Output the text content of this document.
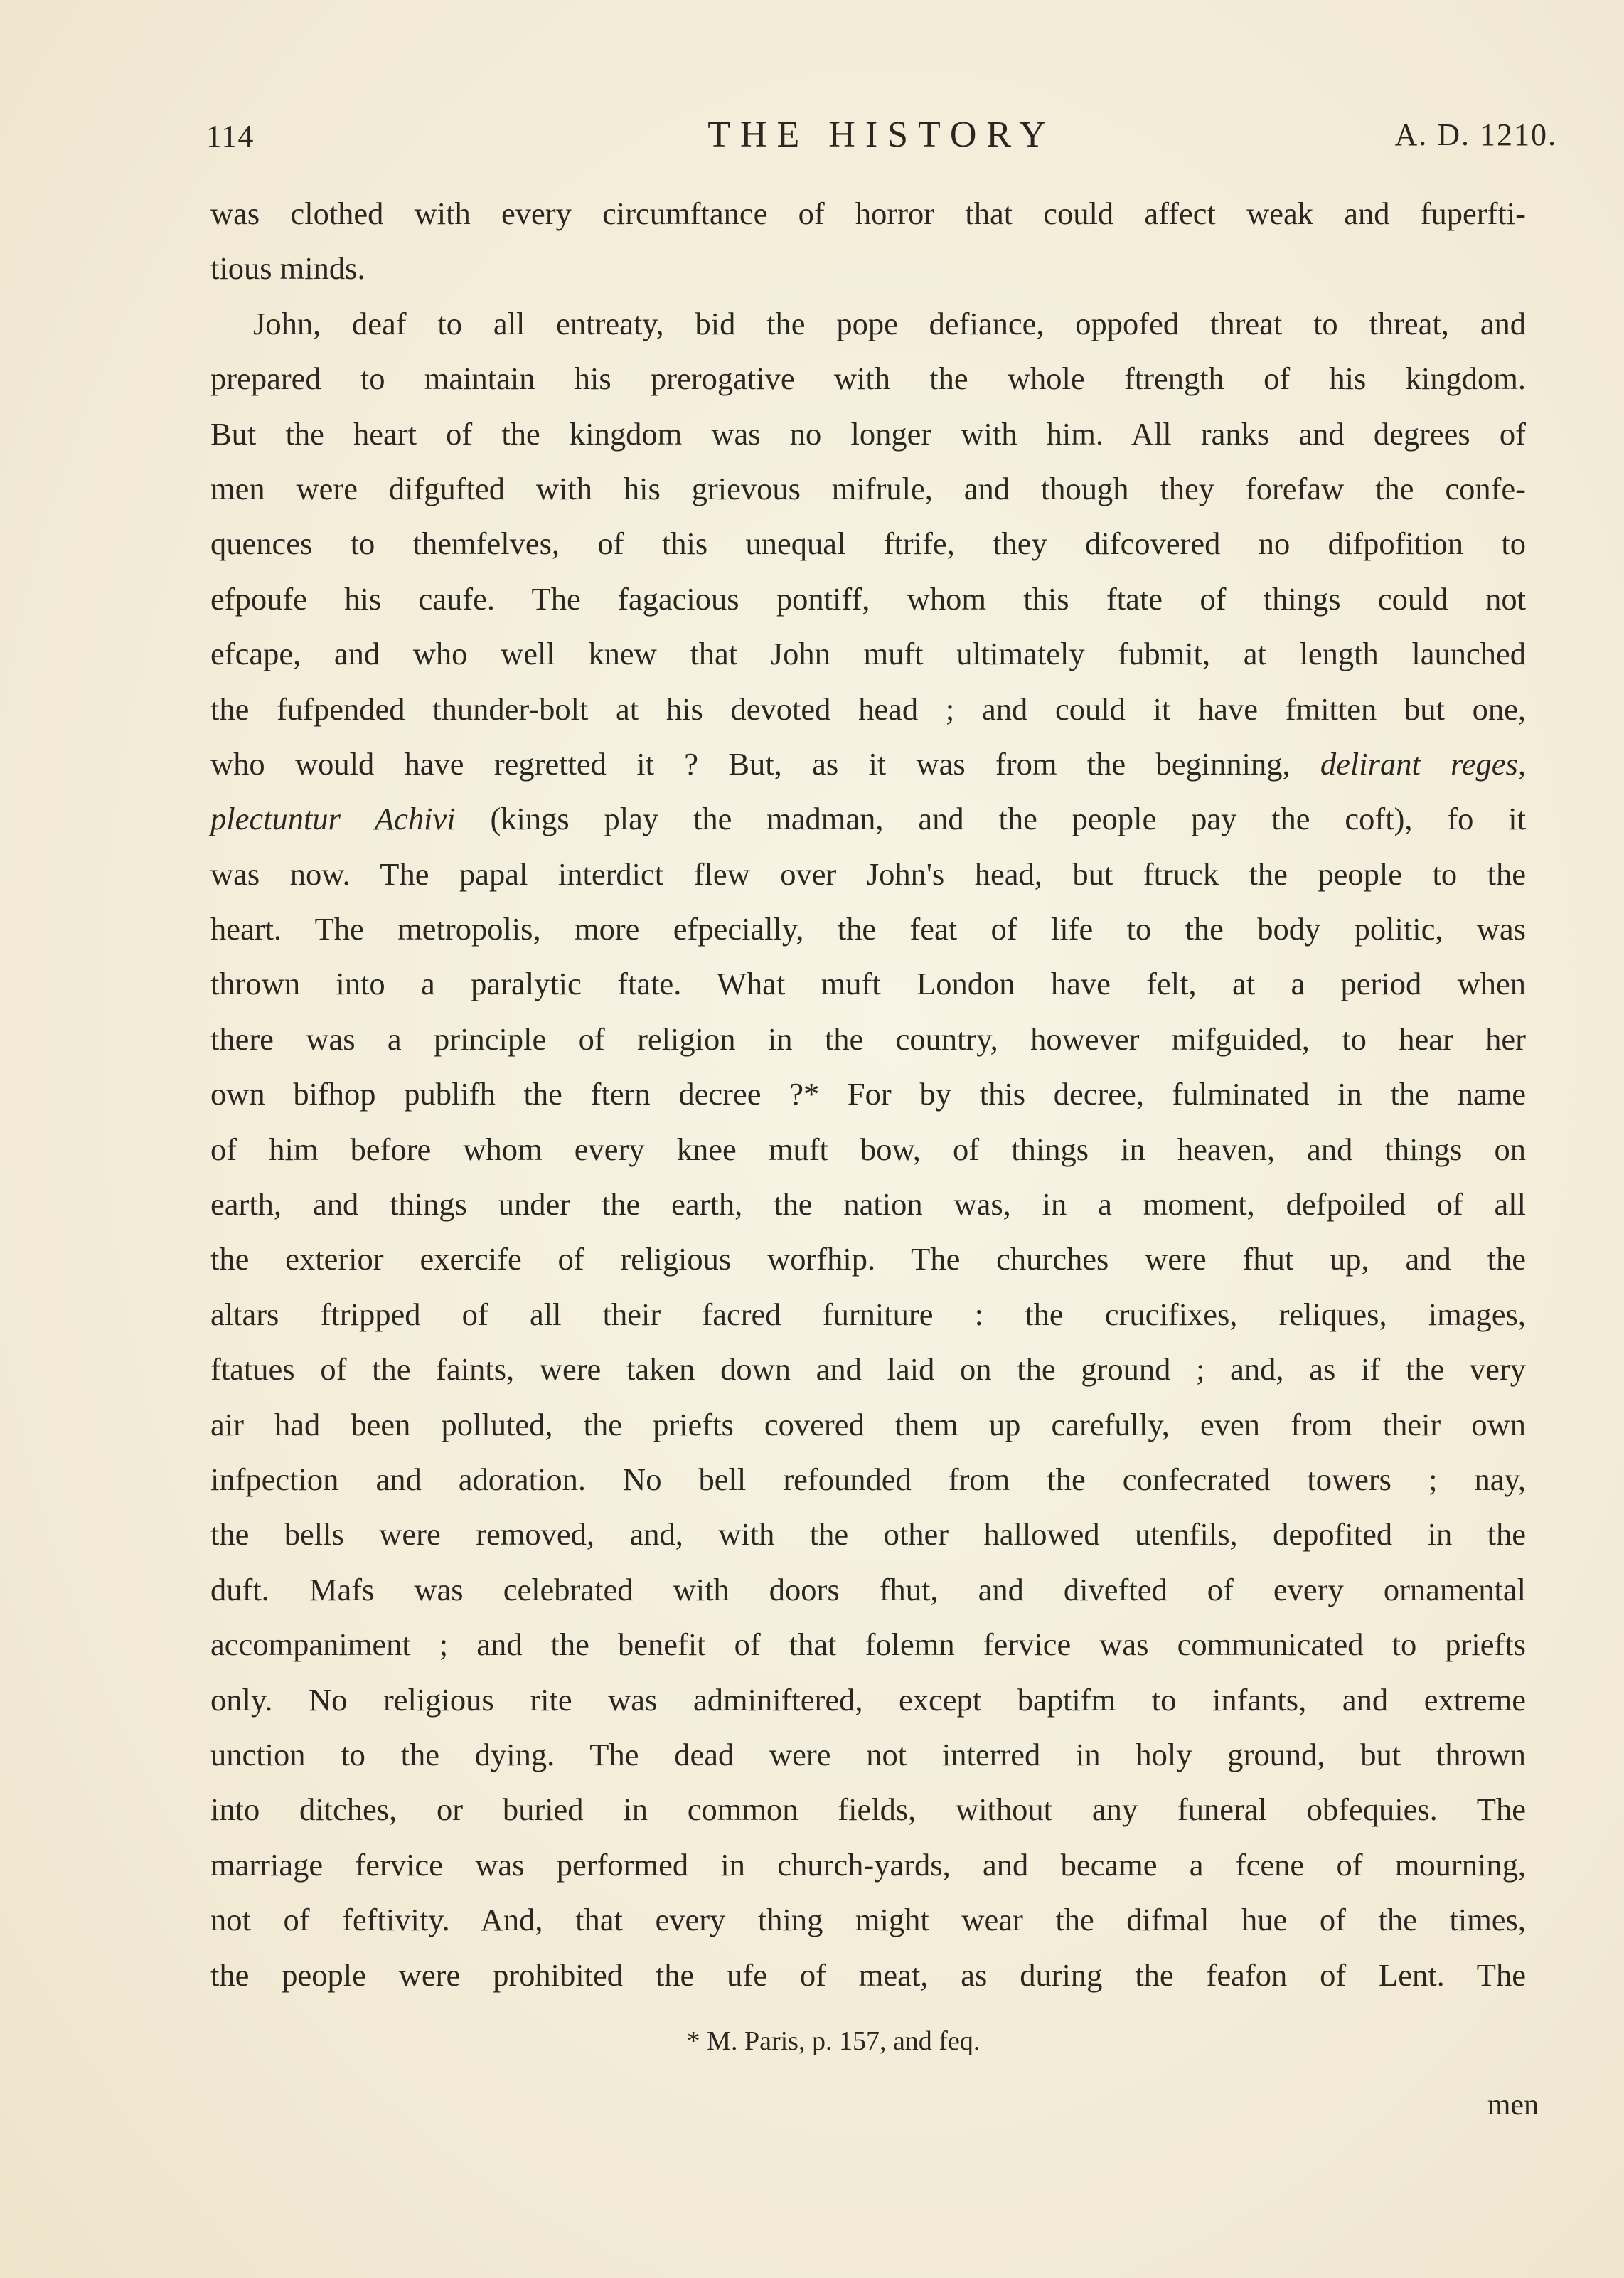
114	THE HISTORY	A. D. 1210.
was clothed with every circumftance of horror that could affect weak and fuperfti-
tious minds.
John, deaf to all entreaty, bid the pope defiance, oppofed threat to threat, and
prepared to maintain his prerogative with the whole ftrength of his kingdom.
But the heart of the kingdom was no longer with him. All ranks and degrees of
men were difgufted with his grievous mifrule, and though they forefaw the confe-
quences to themfelves, of this unequal ftrife, they difcovered no difpofition to
efpoufe his caufe. The fagacious pontiff, whom this ftate of things could not
efcape, and who well knew that John muft ultimately fubmit, at length launched
the fufpended thunder-bolt at his devoted head ; and could it have fmitten but one,
who would have regretted it ? But, as it was from the beginning, delirant reges,
plectuntur Achivi (kings play the madman, and the people pay the coft), fo it
was now. The papal interdict flew over John's head, but ftruck the people to the
heart. The metropolis, more efpecially, the feat of life to the body politic, was
thrown into a paralytic ftate. What muft London have felt, at a period when
there was a principle of religion in the country, however mifguided, to hear her
own bifhop publifh the ftern decree ?* For by this decree, fulminated in the name
of him before whom every knee muft bow, of things in heaven, and things on
earth, and things under the earth, the nation was, in a moment, defpoiled of all
the exterior exercife of religious worfhip. The churches were fhut up, and the
altars ftripped of all their facred furniture : the crucifixes, reliques, images,
ftatues of the faints, were taken down and laid on the ground ; and, as if the very
air had been polluted, the priefts covered them up carefully, even from their own
infpection and adoration. No bell refounded from the confecrated towers ; nay,
the bells were removed, and, with the other hallowed utenfils, depofited in the
duft. Mafs was celebrated with doors fhut, and divefted of every ornamental
accompaniment ; and the benefit of that folemn fervice was communicated to priefts
only. No religious rite was adminiftered, except baptifm to infants, and extreme
unction to the dying. The dead were not interred in holy ground, but thrown
into ditches, or buried in common fields, without any funeral obfequies. The
marriage fervice was performed in church-yards, and became a fcene of mourning,
not of feftivity. And, that every thing might wear the difmal hue of the times,
the people were prohibited the ufe of meat, as during the feafon of Lent. The
* M. Paris, p. 157, and feq.
men
